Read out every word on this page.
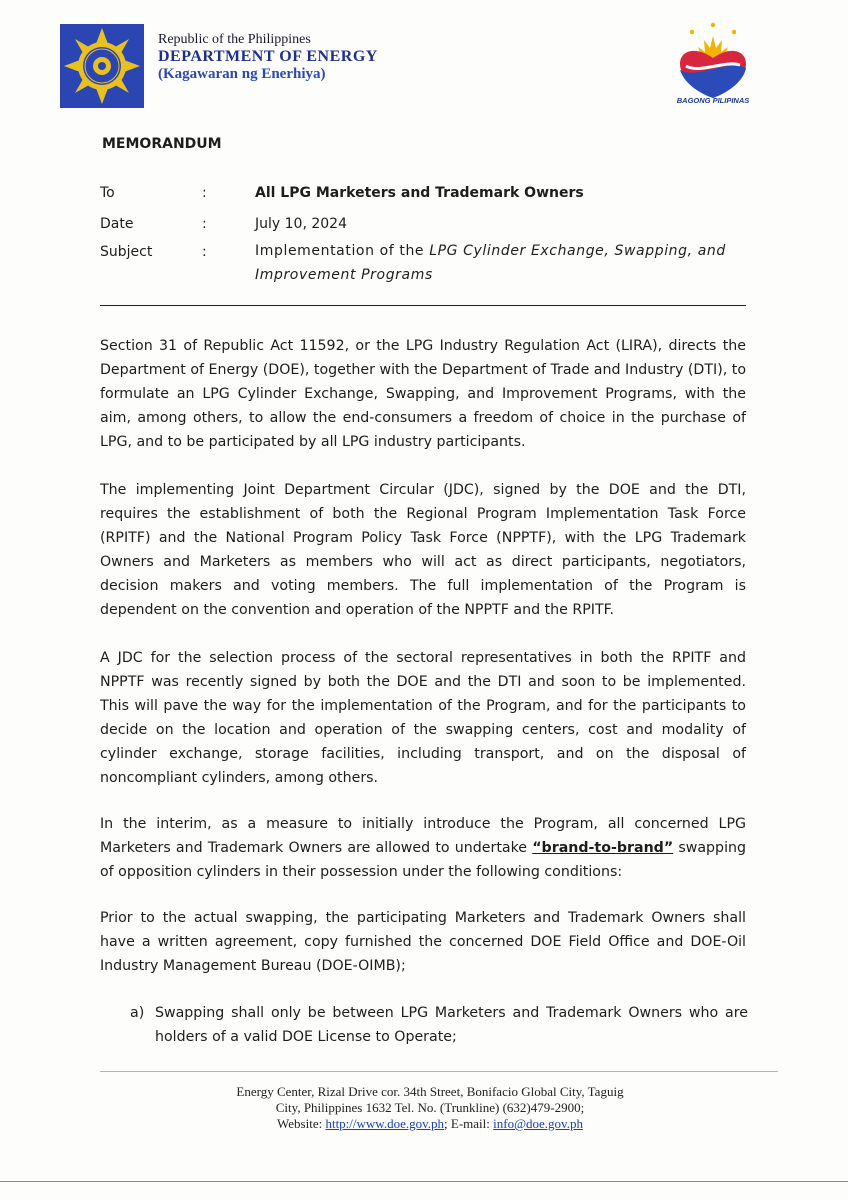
Republic of the Philippines
DEPARTMENT OF ENERGY
(Kagawaran ng Enerhiya)
BAGONG PILIPINAS
MEMORANDUM
To	:	All LPG Marketers and Trademark Owners
Date	:	July 10, 2024
Subject	:	Implementation of the LPG Cylinder Exchange, Swapping, and Improvement Programs
Section 31 of Republic Act 11592, or the LPG Industry Regulation Act (LIRA), directs the Department of Energy (DOE), together with the Department of Trade and Industry (DTI), to formulate an LPG Cylinder Exchange, Swapping, and Improvement Programs, with the aim, among others, to allow the end-consumers a freedom of choice in the purchase of LPG, and to be participated by all LPG industry participants.
The implementing Joint Department Circular (JDC), signed by the DOE and the DTI, requires the establishment of both the Regional Program Implementation Task Force (RPITF) and the National Program Policy Task Force (NPPTF), with the LPG Trademark Owners and Marketers as members who will act as direct participants, negotiators, decision makers and voting members. The full implementation of the Program is dependent on the convention and operation of the NPPTF and the RPITF.
A JDC for the selection process of the sectoral representatives in both the RPITF and NPPTF was recently signed by both the DOE and the DTI and soon to be implemented. This will pave the way for the implementation of the Program, and for the participants to decide on the location and operation of the swapping centers, cost and modality of cylinder exchange, storage facilities, including transport, and on the disposal of noncompliant cylinders, among others.
In the interim, as a measure to initially introduce the Program, all concerned LPG Marketers and Trademark Owners are allowed to undertake “brand-to-brand” swapping of opposition cylinders in their possession under the following conditions:
Prior to the actual swapping, the participating Marketers and Trademark Owners shall have a written agreement, copy furnished the concerned DOE Field Office and DOE-Oil Industry Management Bureau (DOE-OIMB);
a) Swapping shall only be between LPG Marketers and Trademark Owners who are holders of a valid DOE License to Operate;
Energy Center, Rizal Drive cor. 34th Street, Bonifacio Global City, Taguig
City, Philippines 1632 Tel. No. (Trunkline) (632)479-2900;
Website: http://www.doe.gov.ph; E-mail: info@doe.gov.ph
